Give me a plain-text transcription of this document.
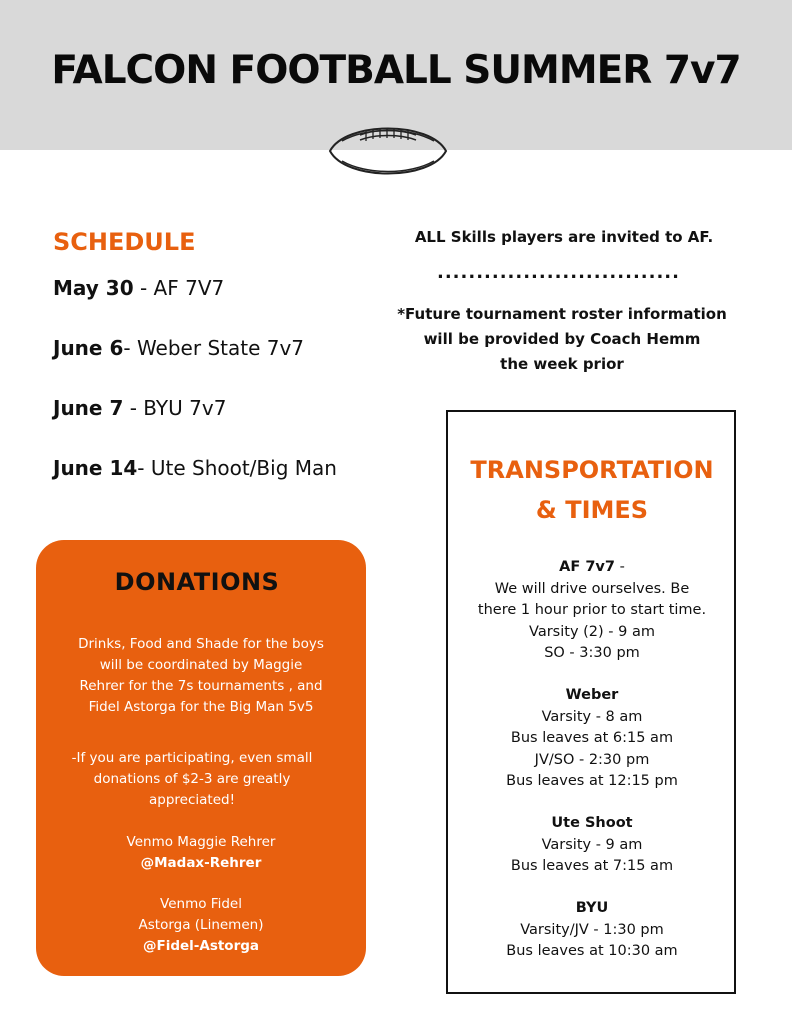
FALCON FOOTBALL SUMMER 7v7
SCHEDULE
May 30 - AF 7V7
June 6- Weber State 7v7
June 7 - BYU 7v7
June 14- Ute Shoot/Big Man
ALL Skills players are invited to AF.
...............................
*Future tournament roster information
will be provided by Coach Hemm
the week prior
DONATIONS
Drinks, Food and Shade for the boys
will be coordinated by Maggie
Rehrer for the 7s tournaments , and
Fidel Astorga for the Big Man 5v5
-If you are participating, even small
donations of $2-3 are greatly
appreciated!
Venmo Maggie Rehrer
@Madax-Rehrer
Venmo Fidel
Astorga (Linemen)
@Fidel-Astorga
TRANSPORTATION
& TIMES
AF 7v7 -
We will drive ourselves. Be
there 1 hour prior to start time.
Varsity (2) - 9 am
SO - 3:30 pm
Weber
Varsity - 8 am
Bus leaves at 6:15 am
JV/SO - 2:30 pm
Bus leaves at 12:15 pm
Ute Shoot
Varsity - 9 am
Bus leaves at 7:15 am
BYU
Varsity/JV - 1:30 pm
Bus leaves at 10:30 am
